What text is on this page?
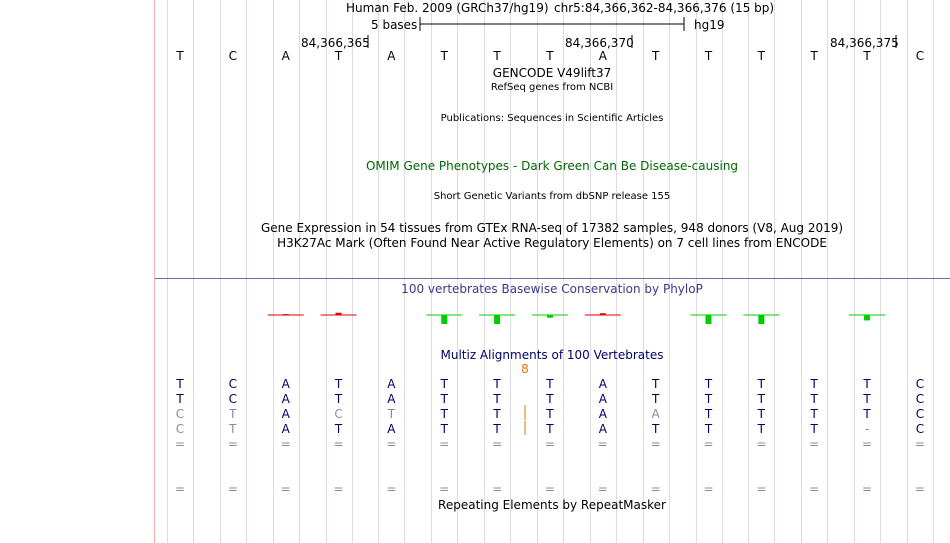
Human Feb. 2009 (GRCh37/hg19) chr5:84,366,362-84,366,376 (15 bp)
5 bases	hg19
84,366,365	84,366,370	84,366,375
T	C	A	T	A	T	T	T	A	T	T	T	T	T	C
GENCODE V49lift37
RefSeq genes from NCBI
Publications: Sequences in Scientific Articles
OMIM Gene Phenotypes - Dark Green Can Be Disease-causing
Short Genetic Variants from dbSNP release 155
Gene Expression in 54 tissues from GTEx RNA-seq of 17382 samples, 948 donors (V8, Aug 2019)
H3K27Ac Mark (Often Found Near Active Regulatory Elements) on 7 cell lines from ENCODE
100 vertebrates Basewise Conservation by PhyloP
Multiz Alignments of 100 Vertebrates
8
T	C	A	T	A	T	T	T	A	T	T	T	T	T	C
T	C	A	T	A	T	T	T	A	T	T	T	T	T	C
C	T	A	C	T	T	T	T	A	A	T	T	T	T	C
C	T	A	T	A	T	T	T	A	T	T	T	T	-	C
=	=	=	=	=	=	=	=	=	=	=	=	=	=	=
=	=	=	=	=	=	=	=	=	=	=	=	=	=	=
Repeating Elements by RepeatMasker
